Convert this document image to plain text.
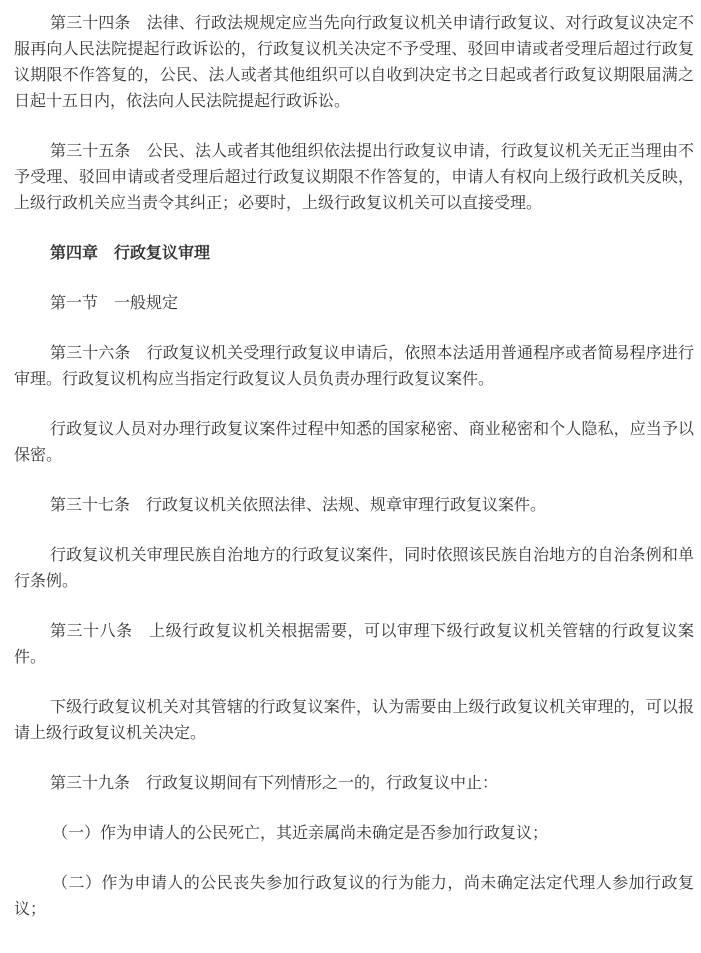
第三十四条　法律、行政法规规定应当先向行政复议机关申请行政复议、对行政复议决定不服再向人民法院提起行政诉讼的，行政复议机关决定不予受理、驳回申请或者受理后超过行政复议期限不作答复的，公民、法人或者其他组织可以自收到决定书之日起或者行政复议期限届满之日起十五日内，依法向人民法院提起行政诉讼。

第三十五条　公民、法人或者其他组织依法提出行政复议申请，行政复议机关无正当理由不予受理、驳回申请或者受理后超过行政复议期限不作答复的，申请人有权向上级行政机关反映，上级行政机关应当责令其纠正；必要时，上级行政复议机关可以直接受理。

第四章　行政复议审理

第一节　一般规定

第三十六条　行政复议机关受理行政复议申请后，依照本法适用普通程序或者简易程序进行审理。行政复议机构应当指定行政复议人员负责办理行政复议案件。

行政复议人员对办理行政复议案件过程中知悉的国家秘密、商业秘密和个人隐私，应当予以保密。

第三十七条　行政复议机关依照法律、法规、规章审理行政复议案件。

行政复议机关审理民族自治地方的行政复议案件，同时依照该民族自治地方的自治条例和单行条例。

第三十八条　上级行政复议机关根据需要，可以审理下级行政复议机关管辖的行政复议案件。

下级行政复议机关对其管辖的行政复议案件，认为需要由上级行政复议机关审理的，可以报请上级行政复议机关决定。

第三十九条　行政复议期间有下列情形之一的，行政复议中止：

（一）作为申请人的公民死亡，其近亲属尚未确定是否参加行政复议；

（二）作为申请人的公民丧失参加行政复议的行为能力，尚未确定法定代理人参加行政复议；
